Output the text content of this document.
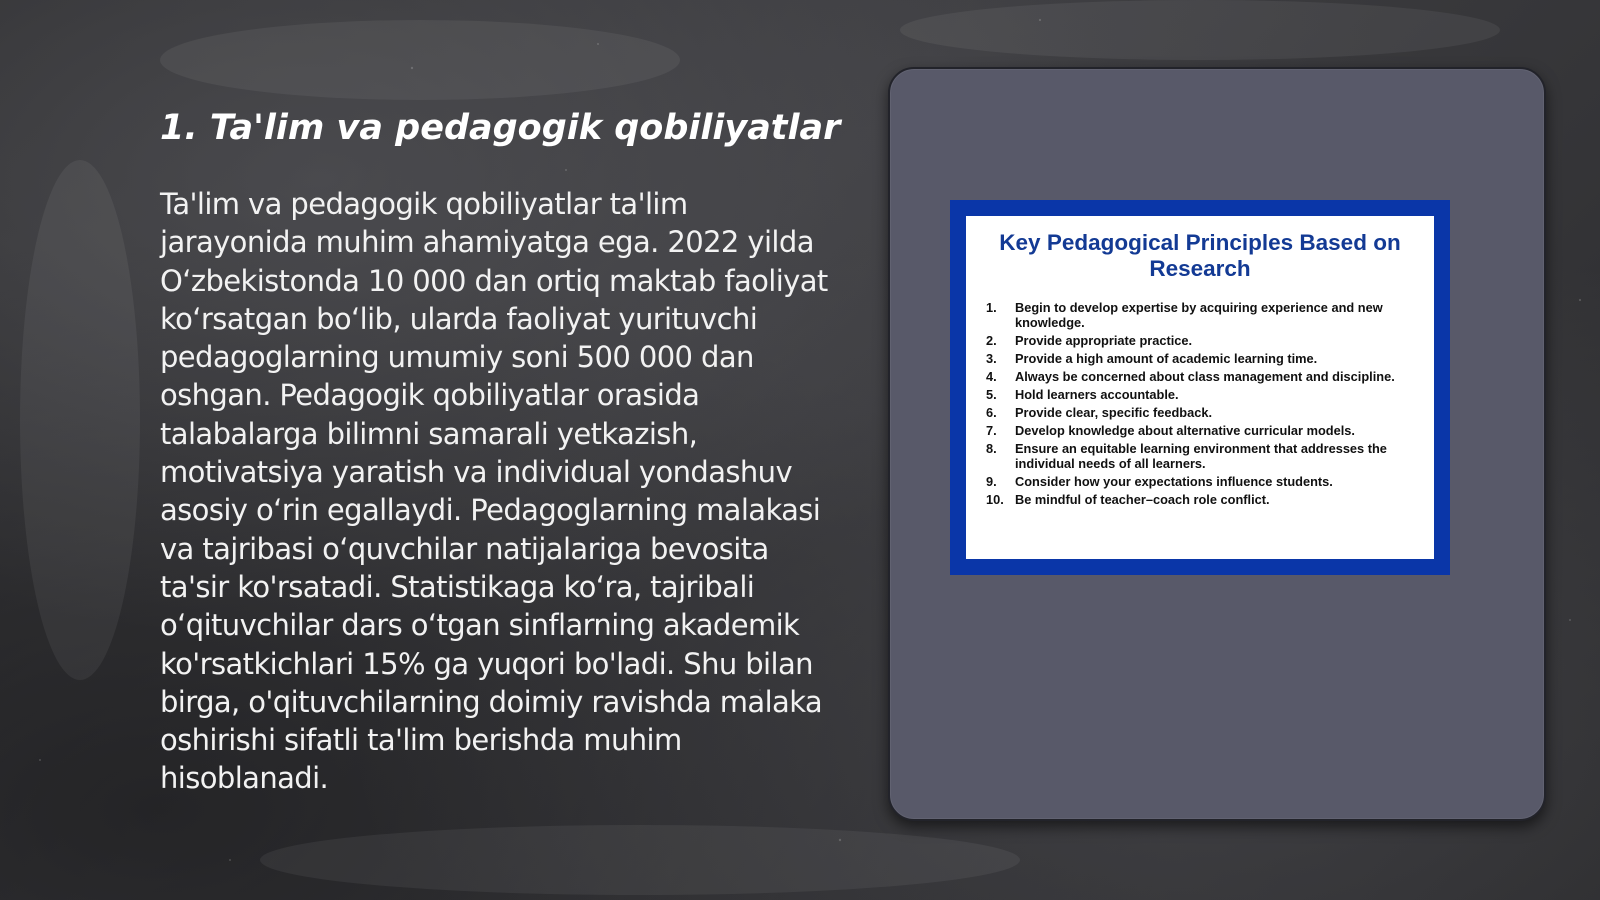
1. Ta'lim va pedagogik qobiliyatlar

Ta'lim va pedagogik qobiliyatlar ta'lim jarayonida muhim ahamiyatga ega. 2022 yilda O‘zbekistonda 10 000 dan ortiq maktab faoliyat ko‘rsatgan bo‘lib, ularda faoliyat yurituvchi pedagoglarning umumiy soni 500 000 dan oshgan. Pedagogik qobiliyatlar orasida talabalarga bilimni samarali yetkazish, motivatsiya yaratish va individual yondashuv asosiy o‘rin egallaydi. Pedagoglarning malakasi va tajribasi o‘quvchilar natijalariga bevosita ta'sir ko'rsatadi. Statistikaga ko‘ra, tajribali o‘qituvchilar dars o‘tgan sinflarning akademik ko'rsatkichlari 15% ga yuqori bo'ladi. Shu bilan birga, o'qituvchilarning doimiy ravishda malaka oshirishi sifatli ta'lim berishda muhim hisoblanadi.

Key Pedagogical Principles Based on Research
1.	Begin to develop expertise by acquiring experience and new knowledge.
2.	Provide appropriate practice.
3.	Provide a high amount of academic learning time.
4.	Always be concerned about class management and discipline.
5.	Hold learners accountable.
6.	Provide clear, specific feedback.
7.	Develop knowledge about alternative curricular models.
8.	Ensure an equitable learning environment that addresses the individual needs of all learners.
9.	Consider how your expectations influence students.
10. Be mindful of teacher–coach role conflict.
